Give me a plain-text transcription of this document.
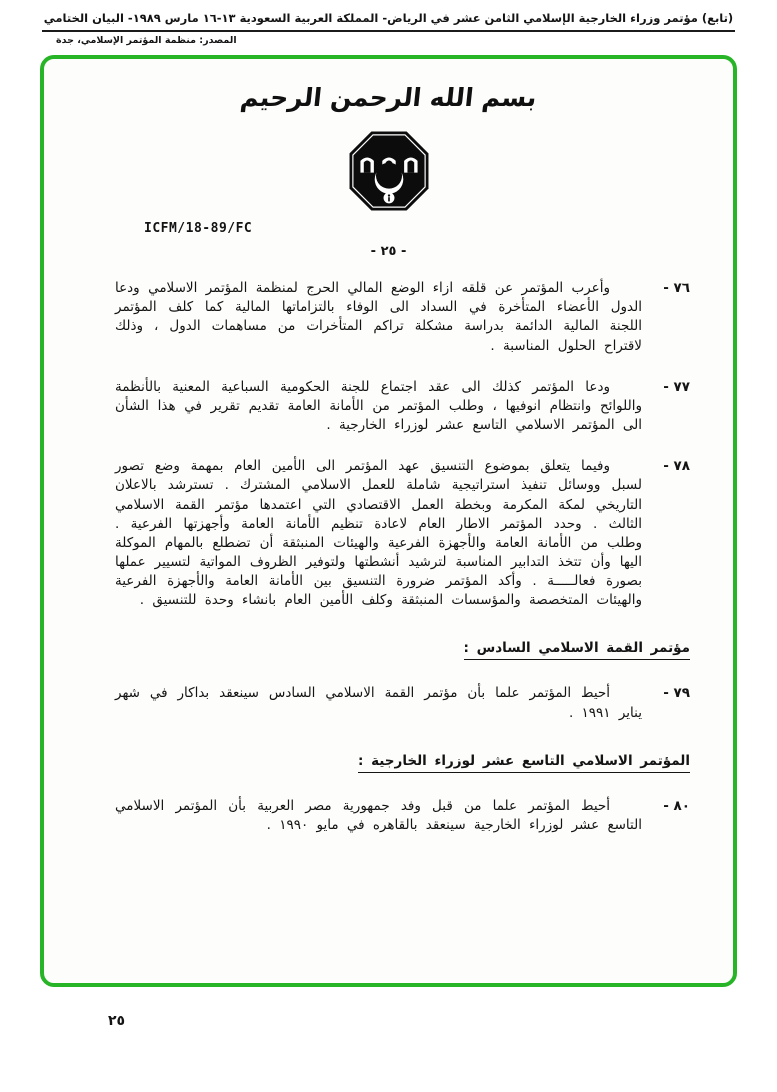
(تابع) مؤتمر وزراء الخارجية الإسلامي الثامن عشر في الرياض- المملكة العربية السعودية ١٣-١٦ مارس ١٩٨٩- البيان الختامي
المصدر: منظمة المؤتمر الإسلامي، جدة
بسم الله الرحمن الرحيم
ICFM/18-89/FC
- ٢٥ -
٧٦ -
وأعرب المؤتمر عن قلقه ازاء الوضع المالي الحرج لمنظمة المؤتمر الاسلامي ودعا الدول الأعضاء المتأخرة في السداد الى الوفاء بالتزاماتها المالية كما كلف المؤتمر اللجنة المالية الدائمة بدراسة مشكلة تراكم المتأخرات من مساهمات الدول ، وذلك لاقتراح الحلول المناسبة .
٧٧ -
ودعا المؤتمر كذلك الى عقد اجتماع للجنة الحكومية السباعية المعنية بالأنظمة واللوائح وانتظام انوفيها ، وطلب المؤتمر من الأمانة العامة تقديم تقرير في هذا الشأن الى المؤتمر الاسلامي التاسع عشر لوزراء الخارجية .
٧٨ -
وفيما يتعلق بموضوع التنسيق عهد المؤتمر الى الأمين العام بمهمة وضع تصور لسبل ووسائل تنفيذ استراتيجية شاملة للعمل الاسلامي المشترك . تسترشد بالاعلان التاريخي لمكة المكرمة وبخطة العمل الاقتصادي التي اعتمدها مؤتمر القمة الاسلامي الثالث . وحدد المؤتمر الاطار العام لاعادة تنظيم الأمانة العامة وأجهزتها الفرعية . وطلب من الأمانة العامة والأجهزة الفرعية والهيئات المنبثقة أن تضطلع بالمهام الموكلة اليها وأن تتخذ التدابير المناسبة لترشيد أنشطتها ولتوفير الظروف المواتية لتسيير عملها بصورة فعالـــــة . وأكد المؤتمر ضرورة التنسيق بين الأمانة العامة والأجهزة الفرعية والهيئات المتخصصة والمؤسسات المنبثقة وكلف الأمين العام بانشاء وحدة للتنسيق .
مؤتمر القمة الاسلامي السادس :
٧٩ -
أحيط المؤتمر علما بأن مؤتمر القمة الاسلامي السادس سينعقد بداكار في شهر يناير ١٩٩١ .
المؤتمر الاسلامي التاسع عشر لوزراء الخارجية :
٨٠ -
أحيط المؤتمر علما من قبل وفد جمهورية مصر العربية بأن المؤتمر الاسلامي التاسع عشر لوزراء الخارجية سينعقد بالقاهره في مايو ١٩٩٠ .
٢٥
